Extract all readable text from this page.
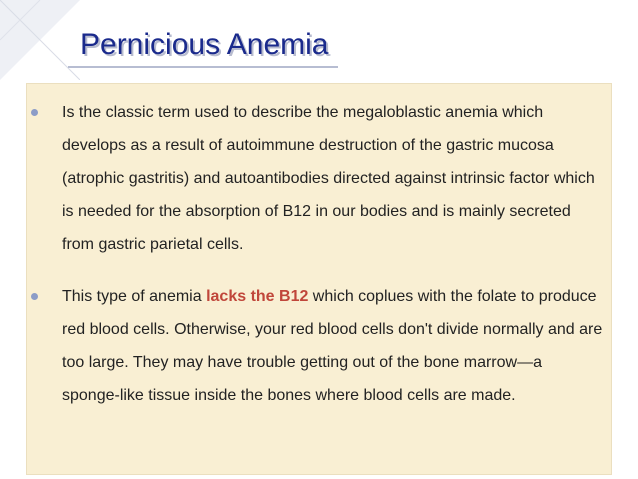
Pernicious Anemia
Is the classic term used to describe the megaloblastic anemia which develops as a result of autoimmune destruction of the gastric mucosa (atrophic gastritis) and autoantibodies directed against intrinsic factor which is needed for the absorption of B12 in our bodies and is mainly secreted from gastric parietal cells.
This type of anemia lacks the B12 which coplues with the folate to produce red blood cells. Otherwise, your red blood cells don't divide normally and are too large. They may have trouble getting out of the bone marrow—a sponge-like tissue inside the bones where blood cells are made.
